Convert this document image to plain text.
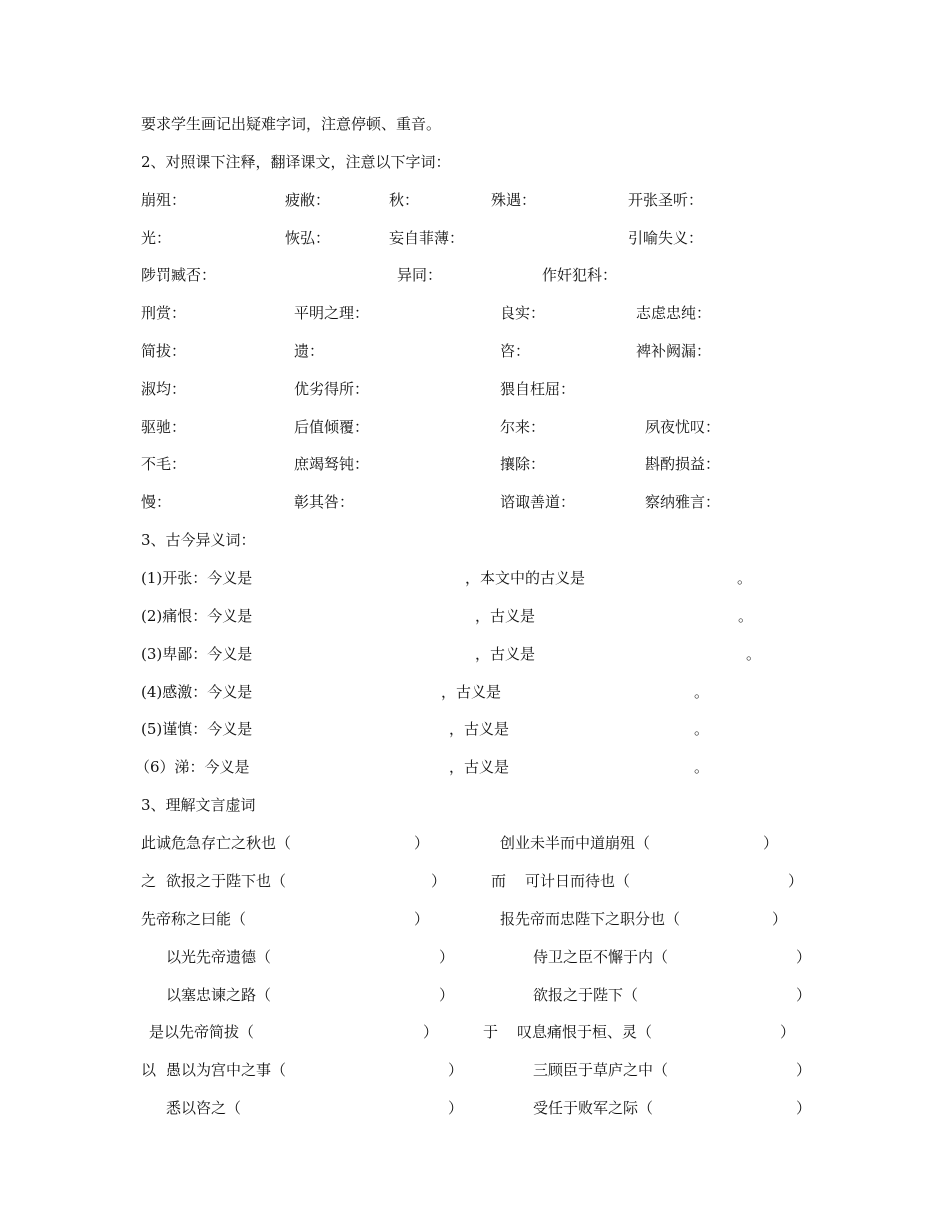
要求学生画记出疑难字词，注意停顿、重音。
2、对照课下注释，翻译课文，注意以下字词：
崩殂：	疲敝：	秋：	殊遇：	开张圣听：
光：	恢弘：	妄自菲薄：	引喻失义：
陟罚臧否：	异同：	作奸犯科：
刑赏：	平明之理：	良实：	志虑忠纯：
简拔：	遗：	咨：	裨补阙漏：
淑均：	优劣得所：	猥自枉屈：
驱驰：	后值倾覆：	尔来：	夙夜忧叹：
不毛：	庶竭驽钝：	攘除：	斟酌损益：
慢：	彰其咎：	谘诹善道：	察纳雅言：
3、古今异义词：
(1)开张：今义是	，本文中的古义是	。
(2)痛恨：今义是	，古义是	。
(3)卑鄙：今义是	，古义是	。
(4)感激：今义是	，古义是	。
(5)谨慎：今义是	，古义是	。
（6）涕：今义是	，古义是	。
3、理解文言虚词
此诚危急存亡之秋也（	）	创业未半而中道崩殂（	）
之 欲报之于陛下也（	）	而 可计日而待也（	）
先帝称之曰能（	）	报先帝而忠陛下之职分也（	）
以光先帝遗德（	）	侍卫之臣不懈于内（	）
以塞忠谏之路（	）	欲报之于陛下（	）
是以先帝简拔（	）	于 叹息痛恨于桓、灵（	）
以 愚以为宫中之事（	）	三顾臣于草庐之中（	）
悉以咨之（	）	受任于败军之际（	）
